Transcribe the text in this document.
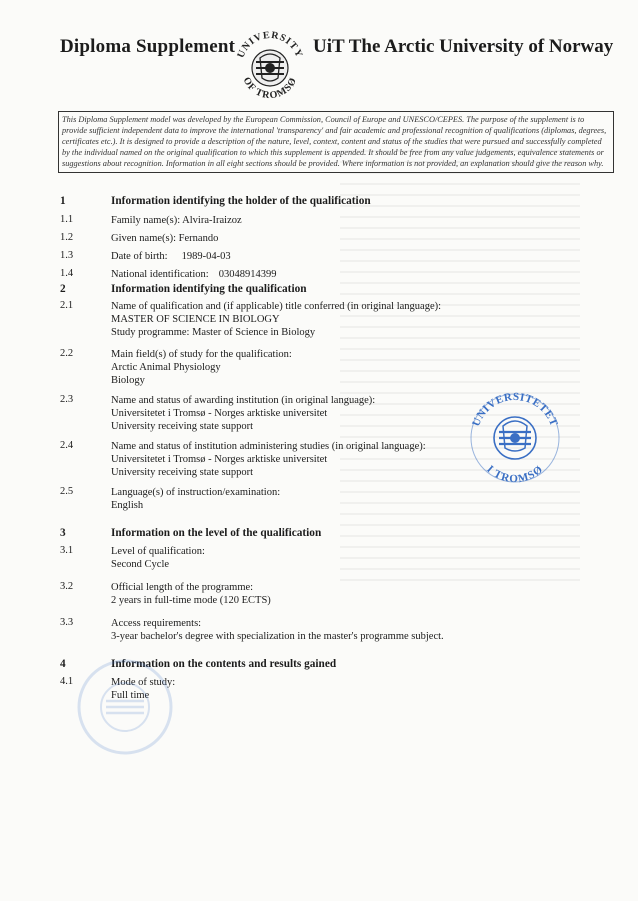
Diploma Supplement UNIVERSITY
OF TROMSØ
UiT The Arctic University of Norway
This Diploma Supplement model was developed by the European Commission, Council of Europe and UNESCO/CEPES. The purpose of the supplement is to provide sufficient independent data to improve the international 'transparency' and fair academic and professional recognition of qualifications (diplomas, degrees, certificates etc.). It is designed to provide a description of the nature, level, context, content and status of the studies that were pursued and successfully completed by the individual named on the original qualification to which this supplement is appended. It should be free from any value judgements, equivalence statements or suggestions about recognition. Information in all eight sections should be provided. Where information is not provided, an explanation should give the reason why.
1	Information identifying the holder of the qualification
1.1	Family name(s): Alvira-Iraizoz
1.2	Given name(s): Fernando
1.3	Date of birth: 1989-04-03
1.4	National identification: 03048914399
2	Information identifying the qualification
2.1	Name of qualification and (if applicable) title conferred (in original language):
MASTER OF SCIENCE IN BIOLOGY
Study programme: Master of Science in Biology
2.2	Main field(s) of study for the qualification:
Arctic Animal Physiology
Biology
2.3	Name and status of awarding institution (in original language):
Universitetet i Tromsø - Norges arktiske universitet
University receiving state support
2.4	Name and status of institution administering studies (in original language):
Universitetet i Tromsø - Norges arktiske universitet
University receiving state support
2.5	Language(s) of instruction/examination:
English
3	Information on the level of the qualification
3.1	Level of qualification:
Second Cycle
3.2	Official length of the programme:
2 years in full-time mode (120 ECTS)
3.3	Access requirements:
3-year bachelor's degree with specialization in the master's programme subject.
4	Information on the contents and results gained
4.1	Mode of study:
Full time
UNIVERSITETET
I TROMSØ
